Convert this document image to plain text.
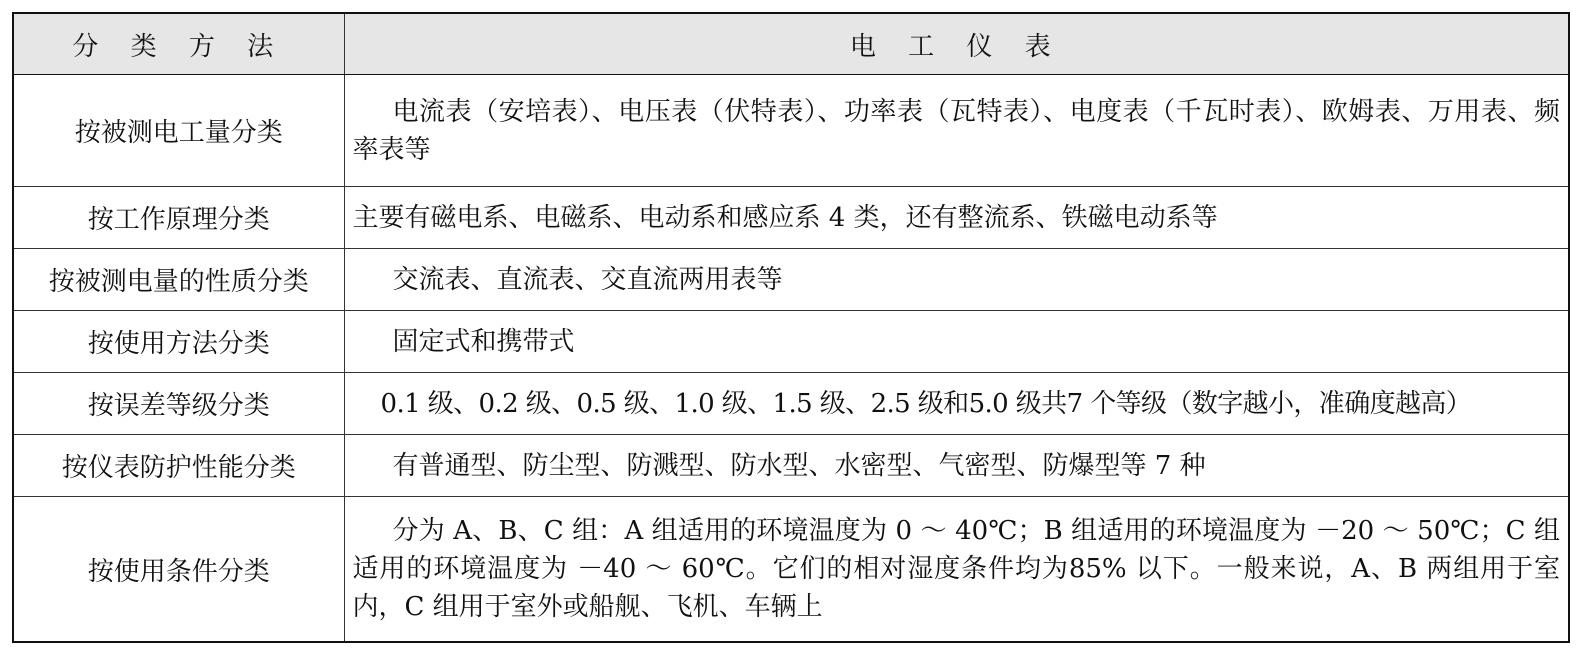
分 类 方 法	电 工 仪 表
按被测电工量分类	电流表（安培表）、电压表（伏特表）、功率表（瓦特表）、电度表（千瓦时表）、欧姆表、万用表、频率表等
按工作原理分类	主要有磁电系、电磁系、电动系和感应系 4 类，还有整流系、铁磁电动系等
按被测电量的性质分类	交流表、直流表、交直流两用表等
按使用方法分类	固定式和携带式
按误差等级分类	0.1 级、0.2 级、0.5 级、1.0 级、1.5 级、2.5 级和5.0 级共7 个等级（数字越小，准确度越高）
按仪表防护性能分类	有普通型、防尘型、防溅型、防水型、水密型、气密型、防爆型等 7 种
按使用条件分类	分为 A、B、C 组：A 组适用的环境温度为 0 ～ 40℃；B 组适用的环境温度为 －20 ～ 50℃；C 组适用的环境温度为 －40 ～ 60℃。它们的相对湿度条件均为85% 以下。一般来说，A、B 两组用于室内，C 组用于室外或船舰、飞机、车辆上
